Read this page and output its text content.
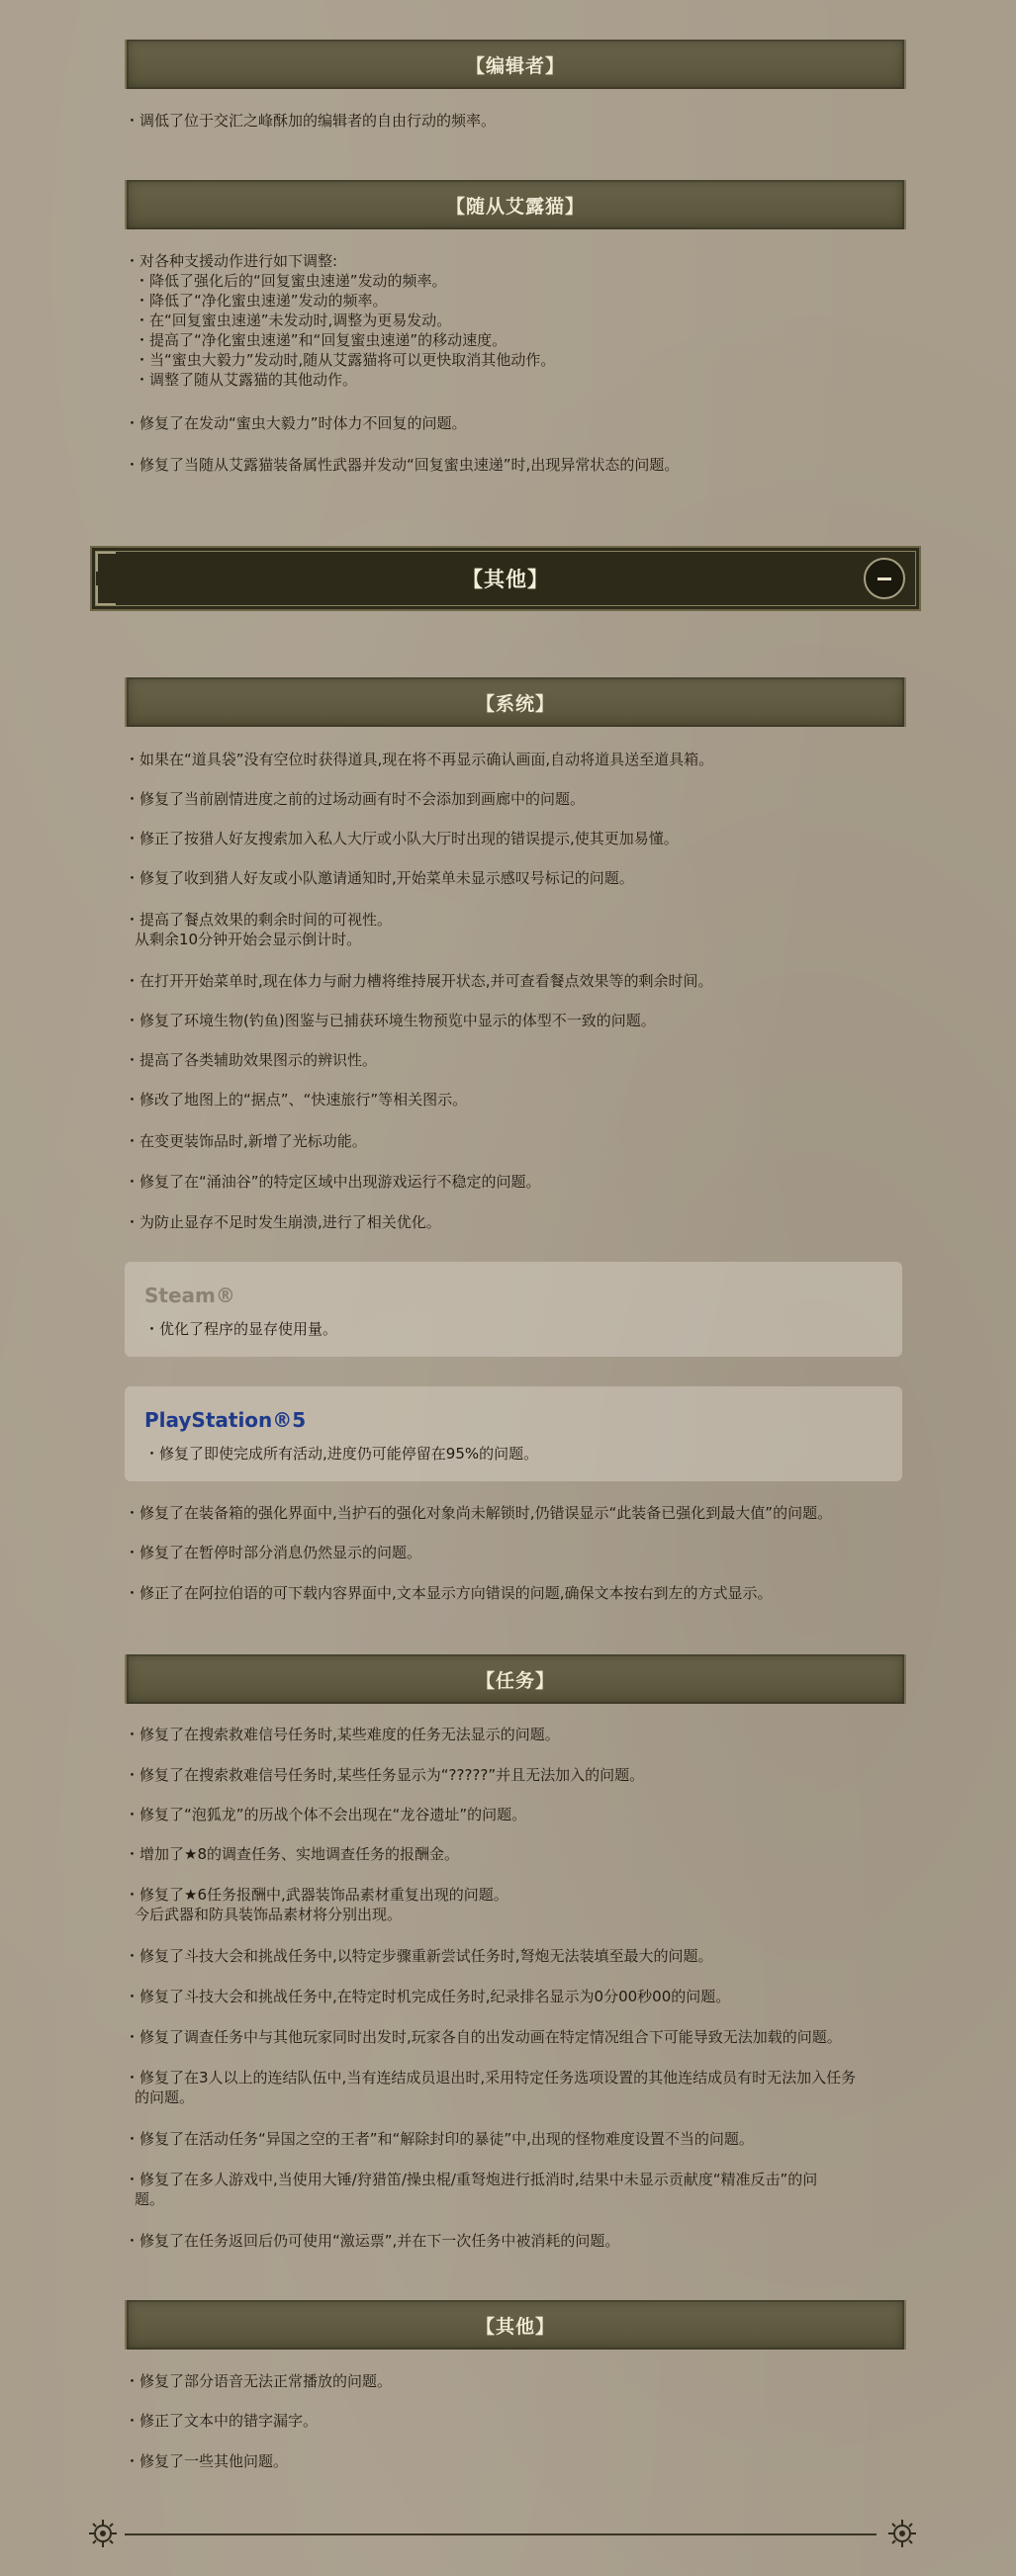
【编辑者】
・调低了位于交汇之峰酥加的编辑者的自由行动的频率。
【随从艾露猫】
・对各种支援动作进行如下调整:
・降低了强化后的“回复蜜虫速递”发动的频率。
・降低了“净化蜜虫速递”发动的频率。
・在“回复蜜虫速递”未发动时,调整为更易发动。
・提高了“净化蜜虫速递”和“回复蜜虫速递”的移动速度。
・当“蜜虫大毅力”发动时,随从艾露猫将可以更快取消其他动作。
・调整了随从艾露猫的其他动作。
・修复了在发动“蜜虫大毅力”时体力不回复的问题。
・修复了当随从艾露猫装备属性武器并发动“回复蜜虫速递”时,出现异常状态的问题。
【其他】
【系统】
・如果在“道具袋”没有空位时获得道具,现在将不再显示确认画面,自动将道具送至道具箱。
・修复了当前剧情进度之前的过场动画有时不会添加到画廊中的问题。
・修正了按猎人好友搜索加入私人大厅或小队大厅时出现的错误提示,使其更加易懂。
・修复了收到猎人好友或小队邀请通知时,开始菜单未显示感叹号标记的问题。
・提高了餐点效果的剩余时间的可视性。
从剩余10分钟开始会显示倒计时。
・在打开开始菜单时,现在体力与耐力槽将维持展开状态,并可查看餐点效果等的剩余时间。
・修复了环境生物(钓鱼)图鉴与已捕获环境生物预览中显示的体型不一致的问题。
・提高了各类辅助效果图示的辨识性。
・修改了地图上的“据点”、“快速旅行”等相关图示。
・在变更装饰品时,新增了光标功能。
・修复了在“涌油谷”的特定区域中出现游戏运行不稳定的问题。
・为防止显存不足时发生崩溃,进行了相关优化。
Steam®
・优化了程序的显存使用量。
PlayStation®5
・修复了即使完成所有活动,进度仍可能停留在95%的问题。
・修复了在装备箱的强化界面中,当护石的强化对象尚未解锁时,仍错误显示“此装备已强化到最大值”的问题。
・修复了在暂停时部分消息仍然显示的问题。
・修正了在阿拉伯语的可下载内容界面中,文本显示方向错误的问题,确保文本按右到左的方式显示。
【任务】
・修复了在搜索救难信号任务时,某些难度的任务无法显示的问题。
・修复了在搜索救难信号任务时,某些任务显示为“?????”并且无法加入的问题。
・修复了“泡狐龙”的历战个体不会出现在“龙谷遗址”的问题。
・增加了★8的调查任务、实地调查任务的报酬金。
・修复了★6任务报酬中,武器装饰品素材重复出现的问题。
今后武器和防具装饰品素材将分别出现。
・修复了斗技大会和挑战任务中,以特定步骤重新尝试任务时,弩炮无法装填至最大的问题。
・修复了斗技大会和挑战任务中,在特定时机完成任务时,纪录排名显示为0分00秒00的问题。
・修复了调查任务中与其他玩家同时出发时,玩家各自的出发动画在特定情况组合下可能导致无法加载的问题。
・修复了在3人以上的连结队伍中,当有连结成员退出时,采用特定任务选项设置的其他连结成员有时无法加入任务
的问题。
・修复了在活动任务“异国之空的王者”和“解除封印的暴徒”中,出现的怪物难度设置不当的问题。
・修复了在多人游戏中,当使用大锤/狩猎笛/操虫棍/重弩炮进行抵消时,结果中未显示贡献度“精准反击”的问
题。
・修复了在任务返回后仍可使用“激运票”,并在下一次任务中被消耗的问题。
【其他】
・修复了部分语音无法正常播放的问题。
・修正了文本中的错字漏字。
・修复了一些其他问题。
